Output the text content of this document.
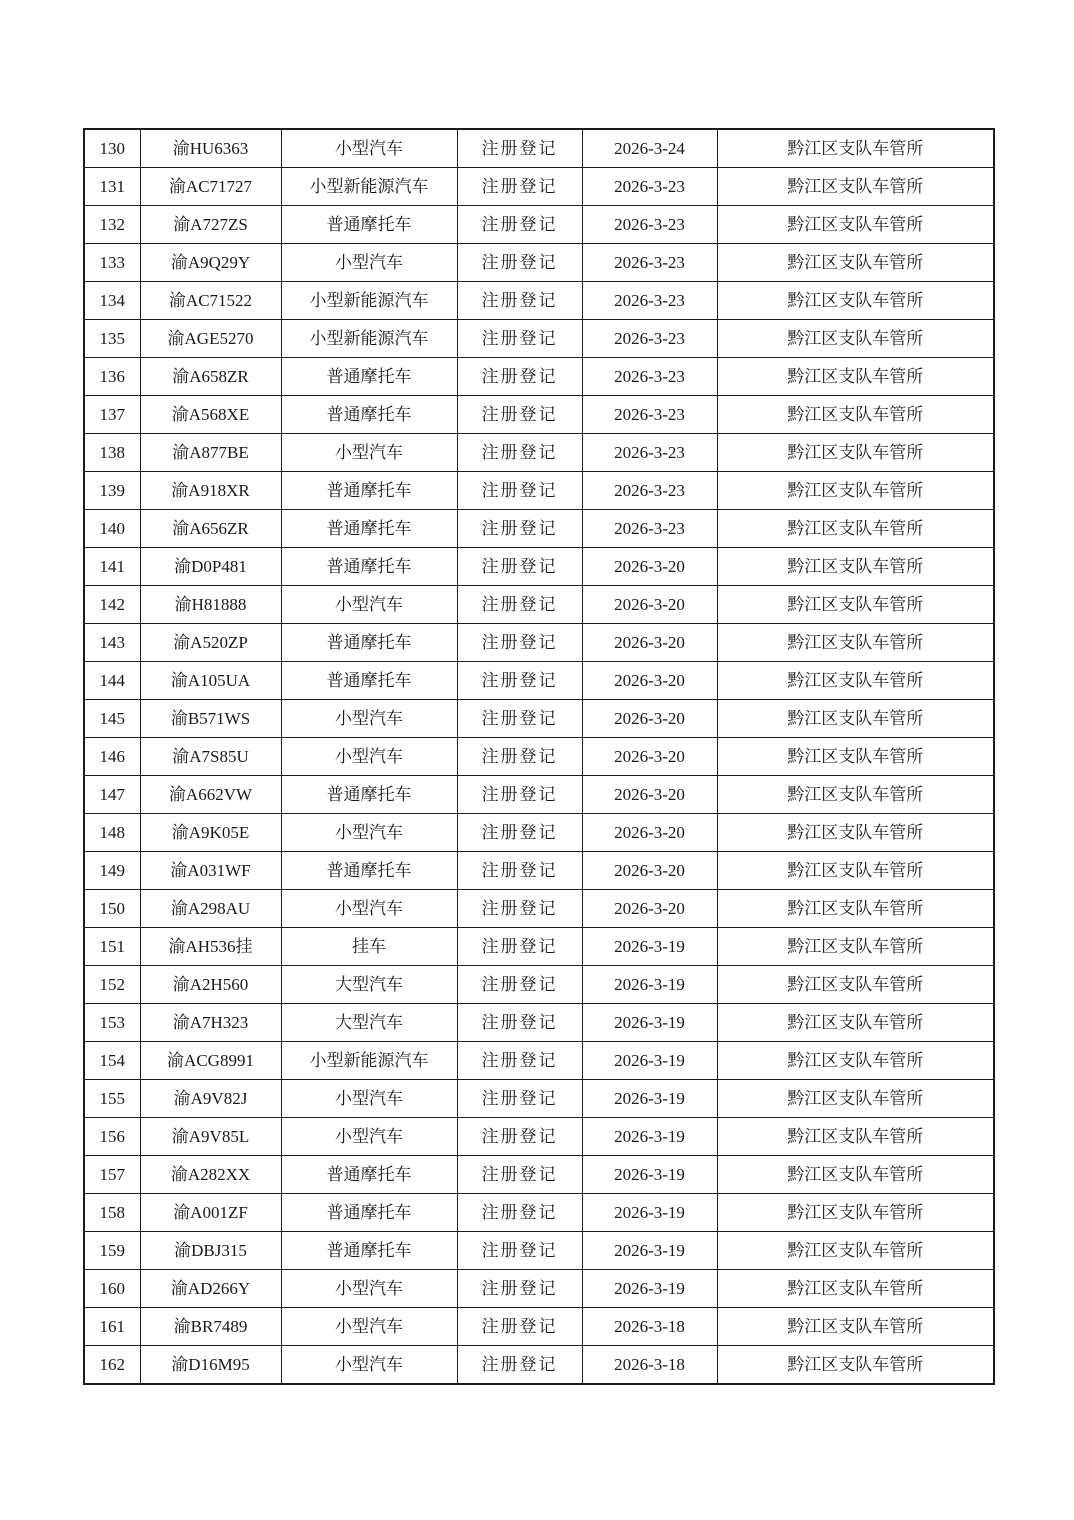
130	渝HU6363	小型汽车	注册登记	2026-3-24	黔江区支队车管所
131	渝AC71727	小型新能源汽车	注册登记	2026-3-23	黔江区支队车管所
132	渝A727ZS	普通摩托车	注册登记	2026-3-23	黔江区支队车管所
133	渝A9Q29Y	小型汽车	注册登记	2026-3-23	黔江区支队车管所
134	渝AC71522	小型新能源汽车	注册登记	2026-3-23	黔江区支队车管所
135	渝AGE5270	小型新能源汽车	注册登记	2026-3-23	黔江区支队车管所
136	渝A658ZR	普通摩托车	注册登记	2026-3-23	黔江区支队车管所
137	渝A568XE	普通摩托车	注册登记	2026-3-23	黔江区支队车管所
138	渝A877BE	小型汽车	注册登记	2026-3-23	黔江区支队车管所
139	渝A918XR	普通摩托车	注册登记	2026-3-23	黔江区支队车管所
140	渝A656ZR	普通摩托车	注册登记	2026-3-23	黔江区支队车管所
141	渝D0P481	普通摩托车	注册登记	2026-3-20	黔江区支队车管所
142	渝H81888	小型汽车	注册登记	2026-3-20	黔江区支队车管所
143	渝A520ZP	普通摩托车	注册登记	2026-3-20	黔江区支队车管所
144	渝A105UA	普通摩托车	注册登记	2026-3-20	黔江区支队车管所
145	渝B571WS	小型汽车	注册登记	2026-3-20	黔江区支队车管所
146	渝A7S85U	小型汽车	注册登记	2026-3-20	黔江区支队车管所
147	渝A662VW	普通摩托车	注册登记	2026-3-20	黔江区支队车管所
148	渝A9K05E	小型汽车	注册登记	2026-3-20	黔江区支队车管所
149	渝A031WF	普通摩托车	注册登记	2026-3-20	黔江区支队车管所
150	渝A298AU	小型汽车	注册登记	2026-3-20	黔江区支队车管所
151	渝AH536挂	挂车	注册登记	2026-3-19	黔江区支队车管所
152	渝A2H560	大型汽车	注册登记	2026-3-19	黔江区支队车管所
153	渝A7H323	大型汽车	注册登记	2026-3-19	黔江区支队车管所
154	渝ACG8991	小型新能源汽车	注册登记	2026-3-19	黔江区支队车管所
155	渝A9V82J	小型汽车	注册登记	2026-3-19	黔江区支队车管所
156	渝A9V85L	小型汽车	注册登记	2026-3-19	黔江区支队车管所
157	渝A282XX	普通摩托车	注册登记	2026-3-19	黔江区支队车管所
158	渝A001ZF	普通摩托车	注册登记	2026-3-19	黔江区支队车管所
159	渝DBJ315	普通摩托车	注册登记	2026-3-19	黔江区支队车管所
160	渝AD266Y	小型汽车	注册登记	2026-3-19	黔江区支队车管所
161	渝BR7489	小型汽车	注册登记	2026-3-18	黔江区支队车管所
162	渝D16M95	小型汽车	注册登记	2026-3-18	黔江区支队车管所
